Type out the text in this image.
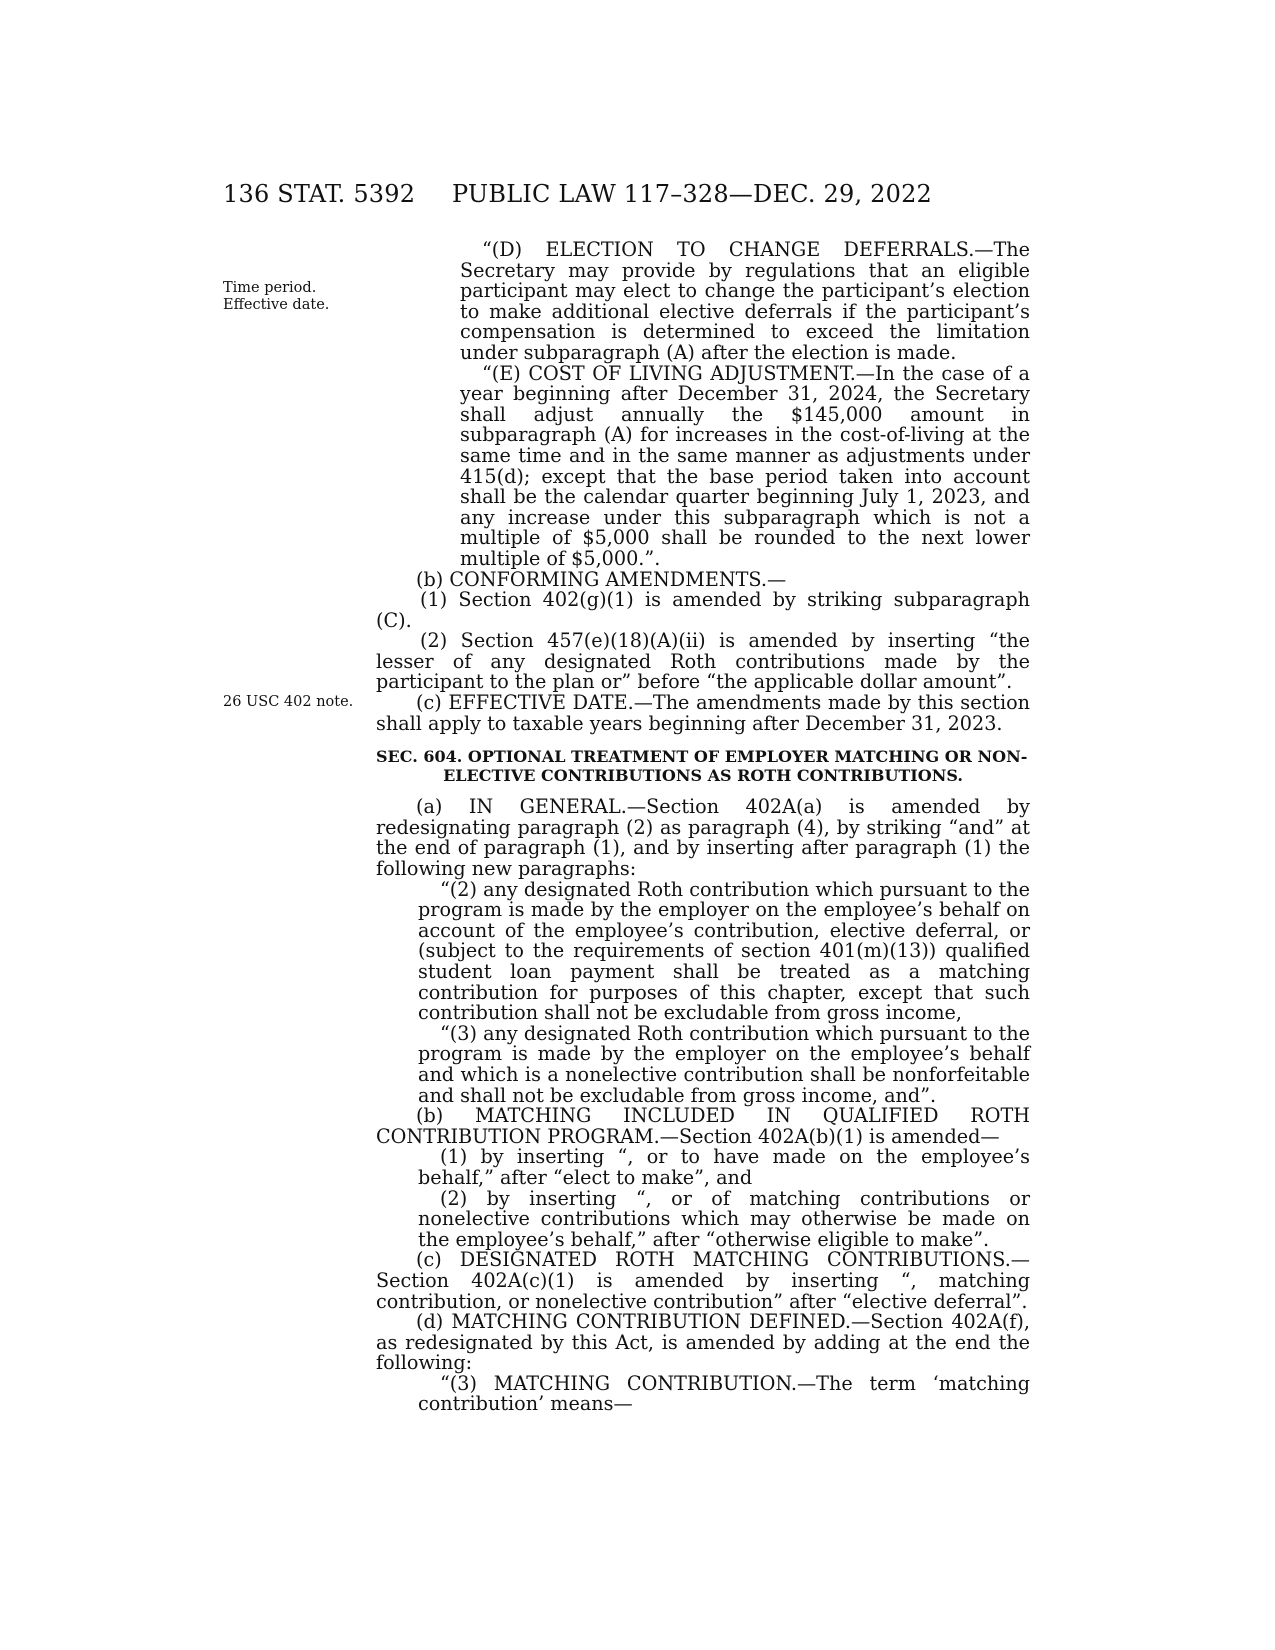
136 STAT. 5392 PUBLIC LAW 117–328—DEC. 29, 2022
Time period.
Effective date.
26 USC 402 note.

“(D) ELECTION TO CHANGE DEFERRALS.—The Secretary may provide by regulations that an eligible participant may elect to change the participant’s election to make additional elective deferrals if the participant’s compensation is determined to exceed the limitation under subparagraph (A) after the election is made.

“(E) COST OF LIVING ADJUSTMENT.—In the case of a year beginning after December 31, 2024, the Secretary shall adjust annually the $145,000 amount in subparagraph (A) for increases in the cost-of-living at the same time and in the same manner as adjustments under 415(d); except that the base period taken into account shall be the calendar quarter beginning July 1, 2023, and any increase under this subparagraph which is not a multiple of $5,000 shall be rounded to the next lower multiple of $5,000.”.

(b) CONFORMING AMENDMENTS.—

(1) Section 402(g)(1) is amended by striking subparagraph (C).

(2) Section 457(e)(18)(A)(ii) is amended by inserting “the lesser of any designated Roth contributions made by the participant to the plan or” before “the applicable dollar amount”.

(c) EFFECTIVE DATE.—The amendments made by this section shall apply to taxable years beginning after December 31, 2023.

SEC. 604. OPTIONAL TREATMENT OF EMPLOYER MATCHING OR NON-
ELECTIVE CONTRIBUTIONS AS ROTH CONTRIBUTIONS.

(a) IN GENERAL.—Section 402A(a) is amended by redesignating paragraph (2) as paragraph (4), by striking “and” at the end of paragraph (1), and by inserting after paragraph (1) the following new paragraphs:

“(2) any designated Roth contribution which pursuant to the program is made by the employer on the employee’s behalf on account of the employee’s contribution, elective deferral, or (subject to the requirements of section 401(m)(13)) qualified student loan payment shall be treated as a matching contribution for purposes of this chapter, except that such contribution shall not be excludable from gross income,

“(3) any designated Roth contribution which pursuant to the program is made by the employer on the employee’s behalf and which is a nonelective contribution shall be nonforfeitable and shall not be excludable from gross income, and”.

(b) MATCHING INCLUDED IN QUALIFIED ROTH CONTRIBUTION PROGRAM.—Section 402A(b)(1) is amended—

(1) by inserting “, or to have made on the employee’s behalf,” after “elect to make”, and

(2) by inserting “, or of matching contributions or nonelective contributions which may otherwise be made on the employee’s behalf,” after “otherwise eligible to make”.

(c) DESIGNATED ROTH MATCHING CONTRIBUTIONS.—Section 402A(c)(1) is amended by inserting “, matching contribution, or nonelective contribution” after “elective deferral”.

(d) MATCHING CONTRIBUTION DEFINED.—Section 402A(f), as redesignated by this Act, is amended by adding at the end the following:

“(3) MATCHING CONTRIBUTION.—The term ‘matching contribution’ means—
